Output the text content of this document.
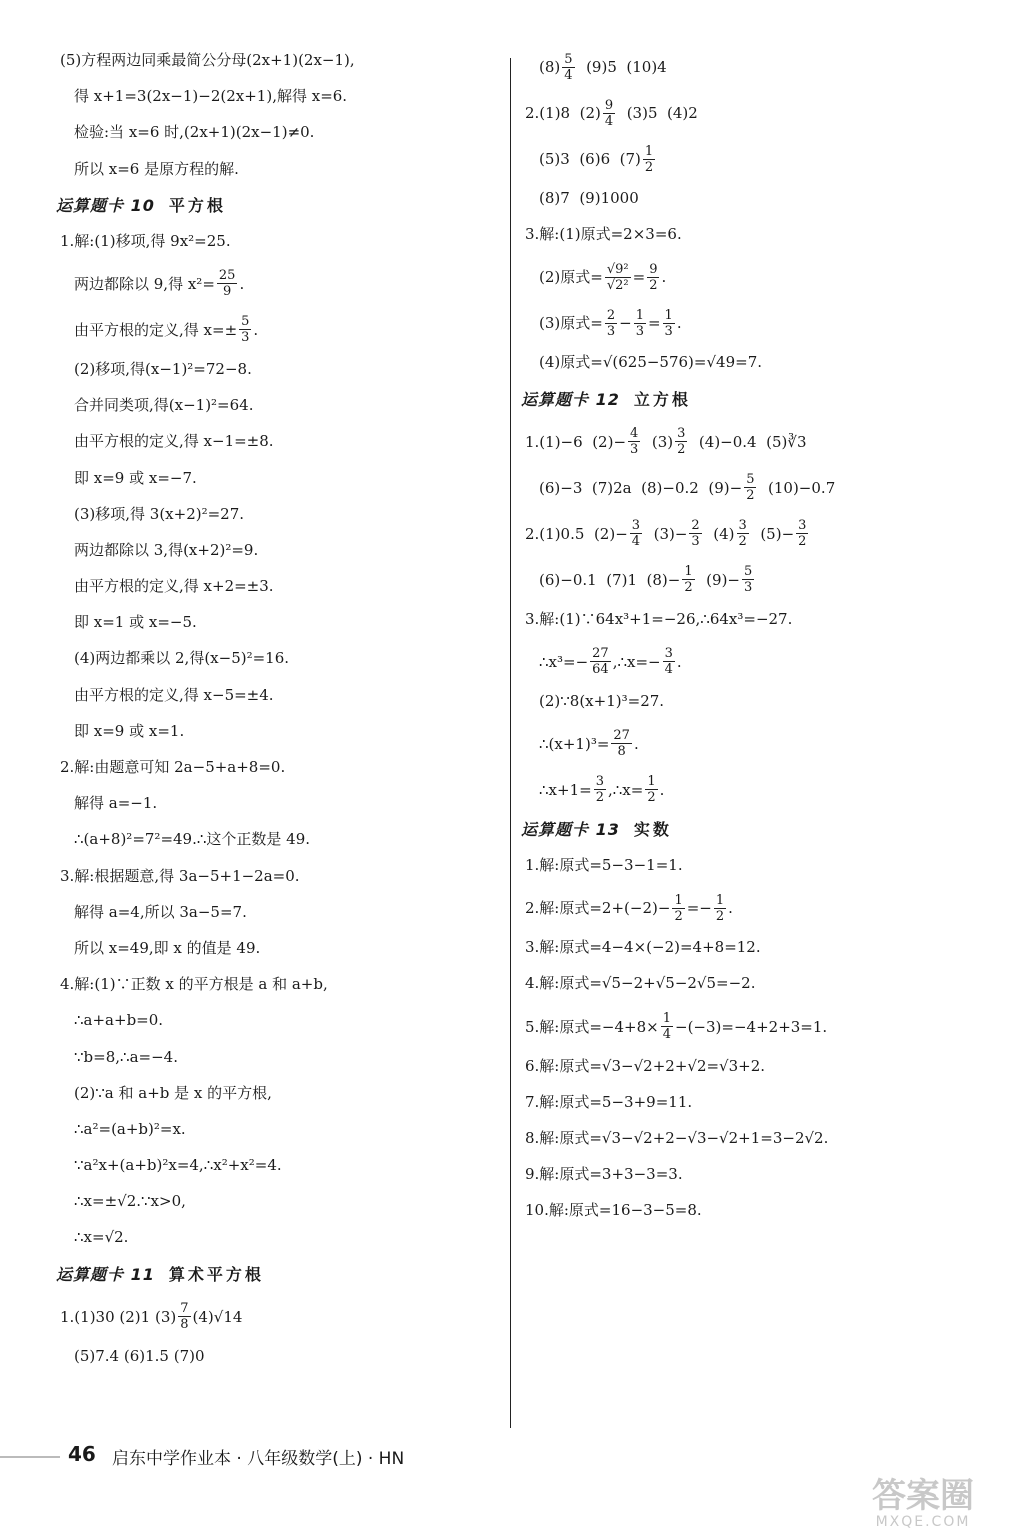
(5)方程两边同乘最简公分母(2x+1)(2x−1),
得 x+1=3(2x−1)−2(2x+1),解得 x=6.
检验:当 x=6 时,(2x+1)(2x−1)≠0.
所以 x=6 是原方程的解.
运算题卡 10 平方根
1.解:(1)移项,得 9x²=25.
两边都除以 9,得 $x^2= \frac{25}{9}$ .
由平方根的定义,得 $x=\pm \frac{5}{3}$ .
(2)移项,得(x−1)²=72−8.
合并同类项,得(x−1)²=64.
由平方根的定义,得 x−1=±8.
即 x=9 或 x=−7.
(3)移项,得 3(x+2)²=27.
两边都除以 3,得(x+2)²=9.
由平方根的定义,得 x+2=±3.
即 x=1 或 x=−5.
(4)两边都乘以 2,得(x−5)²=16.
由平方根的定义,得 x−5=±4.
即 x=9 或 x=1.
2.解:由题意可知 2a−5+a+8=0.
解得 a=−1.
∴(a+8)²=7²=49.∴这个正数是 49.
3.解:根据题意,得 3a−5+1−2a=0.
解得 a=4,所以 3a−5=7.
所以 x=49,即 x 的值是 49.
4.解:(1)∵正数 x 的平方根是 a 和 a+b,
∴a+a+b=0.
∵b=8,∴a=−4.
(2)∵a 和 a+b 是 x 的平方根,
∴a²=(a+b)²=x.
∵a²x+(a+b)²x=4,∴x²+x²=4.
∴x=±√2.∵x>0,
∴x=√2.
运算题卡 11 算术平方根
1.(1)30 (2)1 $(3) \frac{7}{8} (4)√14$
(5)7.4 (6)1.5 (7)0
$(8) \frac{5}{4} (9)5$  (10)4
2.(1)8  $(2) \frac{9}{4} (3)5$  (4)2
(5)3  (6)6  $(7) \frac{1}{2}$
(8)7  (9)1000
3.解:(1)原式=2×3=6.
(2)原式= $\frac{\text{√9²}}{\text{√2²}} = \frac{9}{2}$ .
(3)原式= $\frac{2}{3} - \frac{1}{3} = \frac{1}{3}$ .
(4)原式=√(625−576)=√49=7.
运算题卡 12 立方根
1.(1)−6  $(2)- \frac{4}{3} (3) \frac{3}{2} (4)-0.4$  (5)∛3
(6)−3  (7)2a  (8)−0.2  $(9)- \frac{5}{2} (10)-0.7$
2.(1)0.5  $(2)- \frac{3}{4} (3)- \frac{2}{3} (4) \frac{3}{2} (5)- \frac{3}{2}$
(6)−0.1  (7)1  $(8)- \frac{1}{2} (9)- \frac{5}{3}$
3.解:(1)∵64x³+1=−26,∴64x³=−27.
∴x³=− $\frac{27}{64}$ ,∴x=− $\frac{3}{4}$ .
(2)∵8(x+1)³=27.
∴(x+1)³= $\frac{27}{8}$ .
∴x+1= $\frac{3}{2}$ ,∴x= $\frac{1}{2}$ .
运算题卡 13 实数
1.解:原式=5−3−1=1.
2.解:原式$=2+(-2)- \frac{1}{2} =- \frac{1}{2}$ .
3.解:原式=4−4×(−2)=4+8=12.
4.解:原式=√5−2+√5−2√5=−2.
5.解:原式$=-4+8\times \frac{1}{4} -(-3)=-4+2+3=1$.
6.解:原式=√3−√2+2+√2=√3+2.
7.解:原式=5−3+9=11.
8.解:原式=√3−√2+2−√3−√2+1=3−2√2.
9.解:原式=3+3−3=3.
10.解:原式=16−3−5=8.
46 启东中学作业本 · 八年级数学(上) · HN
答案圈
MXQE.COM
